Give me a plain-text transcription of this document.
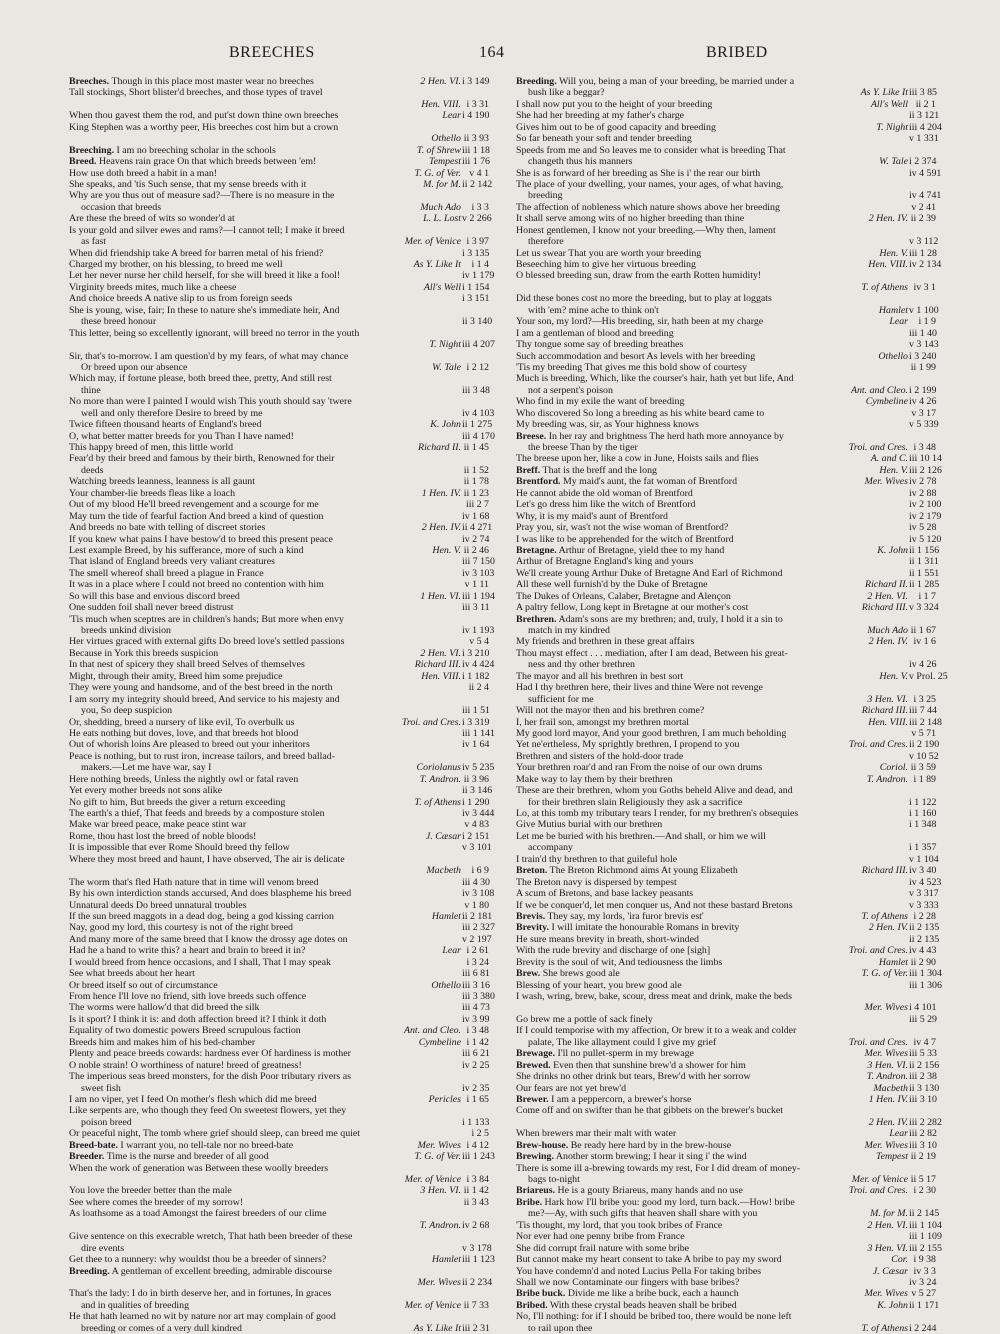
BREECHES	164	BRIBED
Breeches. Though in this place most master wear no breeches	2 Hen. VI. i 3 149
Tall stockings, Short blister'd breeches, and those types of travel
Hen. VIII. i 3 31
When thou gavest them the rod, and put'st down thine own breeches	Lear i 4 190
King Stephen was a worthy peer, His breeches cost him but a crown
Othello ii 3 93
Breeching. I am no breeching scholar in the schools	T. of Shrew iii 1 18
Breed. Heavens rain grace On that which breeds between 'em!	Tempest iii 1 76
How use doth breed a habit in a man!	T. G. of Ver. v 4 1
She speaks, and 'tis Such sense, that my sense breeds with it	M. for M. ii 2 142
Why are you thus out of measure sad?—There is no measure in the
occasion that breeds	Much Ado	i 3 3
Are these the breed of wits so wonder'd at	L. L. Lost v 2 266
Is your gold and silver ewes and rams?—I cannot tell; I make it breed
as fast	Mer. of Venice i 3 97
When did friendship take A breed for barren metal of his friend?	i 3 135
Charged my brother, on his blessing, to breed me well	As Y. Like It	i 1 4
Let her never nurse her child herself, for she will breed it like a fool!	iv 1 179
Virginity breeds mites, much like a cheese	All's Well i 1 154
And choice breeds A native slip to us from foreign seeds	i 3 151
She is young, wise, fair; In these to nature she's immediate heir, And
these breed honour	ii 3 140
This letter, being so excellently ignorant, will breed no terror in the youth
T. Night iii 4 207
Sir, that's to-morrow. I am question'd by my fears, of what may chance
Or breed upon our absence	W. Tale i 2 12
Which may, if fortune please, both breed thee, pretty, And still rest
thine	iii 3 48
No more than were I painted I would wish This youth should say 'twere
well and only therefore Desire to breed by me	iv 4 103
Twice fifteen thousand hearts of England's breed	K. John ii 1 275
O, what better matter breeds for you Than I have named!	iii 4 170
This happy breed of men, this little world	Richard II. ii 1 45
Fear'd by their breed and famous by their birth, Renowned for their
deeds	ii 1 52
Watching breeds leanness, leanness is all gaunt	ii 1 78
Your chamber-lie breeds fleas like a loach	1 Hen. IV. ii 1 23
Out of my blood He'll breed revengement and a scourge for me	iii 2 7
May turn the tide of fearful faction And breed a kind of question	iv 1 68
And breeds no bate with telling of discreet stories	2 Hen. IV. ii 4 271
If you knew what pains I have bestow'd to breed this present peace	iv 2 74
Lest example Breed, by his sufferance, more of such a kind	Hen. V. ii 2 46
That island of England breeds very valiant creatures	iii 7 150
The smell whereof shall breed a plague in France	iv 3 103
It was in a place where I could not breed no contention with him	v 1 11
So will this base and envious discord breed	1 Hen. VI. iii 1 194
One sudden foil shall never breed distrust	iii 3 11
'Tis much when sceptres are in children's hands; But more when envy
breeds unkind division	iv 1 193
Her virtues graced with external gifts Do breed love's settled passions	v 5 4
Because in York this breeds suspicion	2 Hen. VI. i 3 210
In that nest of spicery they shall breed Selves of themselves	Richard III. iv 4 424
Might, through their amity, Breed him some prejudice	Hen. VIII. i 1 182
They were young and handsome, and of the best breed in the north	ii 2 4
I am sorry my integrity should breed, And service to his majesty and
you, So deep suspicion	iii 1 51
Or, shedding, breed a nursery of like evil, To overbulk us	Troi. and Cres. i 3 319
He eats nothing but doves, love, and that breeds hot blood	iii 1 141
Out of whorish loins Are pleased to breed out your inheritors	iv 1 64
Peace is nothing, but to rust iron, increase tailors, and breed ballad-
makers.—Let me have war, say I	Coriolanus iv 5 235
Here nothing breeds, Unless the nightly owl or fatal raven	T. Andron. ii 3 96
Yet every mother breeds not sons alike	ii 3 146
No gift to him, But breeds the giver a return exceeding	T. of Athens i 1 290
The earth's a thief, That feeds and breeds by a composture stolen	iv 3 444
Make war breed peace, make peace stint war	v 4 83
Rome, thou hast lost the breed of noble bloods!	J. Cæsar i 2 151
It is impossible that ever Rome Should breed thy fellow	v 3 101
Where they most breed and haunt, I have observed, The air is delicate
Macbeth	i 6 9
The worm that's fled Hath nature that in time will venom breed	iii 4 30
By his own interdiction stands accursed, And does blaspheme his breed	iv 3 108
Unnatural deeds Do breed unnatural troubles	v 1 80
If the sun breed maggots in a dead dog, being a god kissing carrion	Hamlet ii 2 181
Nay, good my lord, this courtesy is not of the right breed	iii 2 327
And many more of the same breed that I know the drossy age dotes on	v 2 197
Had he a hand to write this? a heart and brain to breed it in?	Lear i 2 61
I would breed from hence occasions, and I shall, That I may speak	i 3 24
See what breeds about her heart	iii 6 81
Or breed itself so out of circumstance	Othello iii 3 16
From hence I'll love no friend, sith love breeds such offence	iii 3 380
The worms were hallow'd that did breed the silk	iii 4 73
Is it sport? I think it is: and doth affection breed it? I think it doth	iv 3 99
Equality of two domestic powers Breed scrupulous faction	Ant. and Cleo. i 3 48
Breeds him and makes him of his bed-chamber	Cymbeline i 1 42
Plenty and peace breeds cowards: hardness ever Of hardiness is mother	iii 6 21
O noble strain! O worthiness of nature! breed of greatness!	iv 2 25
The imperious seas breed monsters, for the dish Poor tributary rivers as
sweet fish	iv 2 35
I am no viper, yet I feed On mother's flesh which did me breed	Pericles i 1 65
Like serpents are, who though they feed On sweetest flowers, yet they
poison breed	i 1 133
Or peaceful night, The tomb where grief should sleep, can breed me quiet	i 2 5
Breed-bate. I warrant you, no tell-tale nor no breed-bate	Mer. Wives i 4 12
Breeder. Time is the nurse and breeder of all good	T. G. of Ver. iii 1 243
When the work of generation was Between these woolly breeders
Mer. of Venice i 3 84
You love the breeder better than the male	3 Hen. VI. ii 1 42
See where comes the breeder of my sorrow!	ii 3 43
As loathsome as a toad Amongst the fairest breeders of our clime
T. Andron. iv 2 68
Give sentence on this execrable wretch, That hath been breeder of these
dire events	v 3 178
Get thee to a nunnery: why wouldst thou be a breeder of sinners?	Hamlet iii 1 123
Breeding. A gentleman of excellent breeding, admirable discourse
Mer. Wives ii 2 234
That's the lady: I do in birth deserve her, and in fortunes, In graces
and in qualities of breeding	Mer. of Venice ii 7 33
He that hath learned no wit by nature nor art may complain of good
breeding or comes of a very dull kindred	As Y. Like It iii 2 31
Breeding. Will you, being a man of your breeding, be married under a
bush like a beggar?	As Y. Like It iii 3 85
I shall now put you to the height of your breeding	All's Well ii 2 1
She had her breeding at my father's charge	ii 3 121
Gives him out to be of good capacity and breeding	T. Night iii 4 204
So far beneath your soft and tender breeding	v 1 331
Speeds from me and So leaves me to consider what is breeding That
changeth thus his manners	W. Tale i 2 374
She is as forward of her breeding as She is i' the rear our birth	iv 4 591
The place of your dwelling, your names, your ages, of what having,
breeding	iv 4 741
The affection of nobleness which nature shows above her breeding	v 2 41
It shall serve among wits of no higher breeding than thine	2 Hen. IV. ii 2 39
Honest gentlemen, I know not your breeding.—Why then, lament
therefore	v 3 112
Let us swear That you are worth your breeding	Hen. V. iii 1 28
Beseeching him to give her virtuous breeding	Hen. VIII. iv 2 134
O blessed breeding sun, draw from the earth Rotten humidity!
T. of Athens iv 3 1
Did these bones cost no more the breeding, but to play at loggats
with 'em? mine ache to think on't	Hamlet v 1 100
Your son, my lord?—His breeding, sir, hath been at my charge	Lear	i 1 9
I am a gentleman of blood and breeding	iii 1 40
Thy tongue some say of breeding breathes	v 3 143
Such accommodation and besort As levels with her breeding	Othello i 3 240
'Tis my breeding That gives me this bold show of courtesy	ii 1 99
Much is breeding, Which, like the courser's hair, hath yet but life, And
not a serpent's poison	Ant. and Cleo. i 2 199
Who find in my exile the want of breeding	Cymbeline iv 4 26
Who discovered So long a breeding as his white beard came to	v 3 17
My breeding was, sir, as Your highness knows	v 5 339
Breese. In her ray and brightness The herd hath more annoyance by
the breese Than by the tiger	Troi. and Cres. i 3 48
The breese upon her, like a cow in June, Hoists sails and flies	A. and C. iii 10 14
Breff. That is the breff and the long	Hen. V. iii 2 126
Brentford. My maid's aunt, the fat woman of Brentford	Mer. Wives iv 2 78
He cannot abide the old woman of Brentford	iv 2 88
Let's go dress him like the witch of Brentford	iv 2 100
Why, it is my maid's aunt of Brentford	iv 2 179
Pray you, sir, was't not the wise woman of Brentford?	iv 5 28
I was like to be apprehended for the witch of Brentford	iv 5 120
Bretagne. Arthur of Bretagne, yield thee to my hand	K. John ii 1 156
Arthur of Bretagne England's king and yours	ii 1 311
We'll create young Arthur Duke of Bretagne And Earl of Richmond	ii 1 551
All these well furnish'd by the Duke of Bretagne	Richard II. ii 1 285
The Dukes of Orleans, Calaber, Bretagne and Alençon	2 Hen. VI.	i 1 7
A paltry fellow, Long kept in Bretagne at our mother's cost	Richard III. v 3 324
Brethren. Adam's sons are my brethren; and, truly, I hold it a sin to
match in my kindred	Much Ado ii 1 67
My friends and brethren in these great affairs	2 Hen. IV. iv 1 6
Thou mayst effect . . . mediation, after I am dead, Between his great-
ness and thy other brethren	iv 4 26
The mayor and all his brethren in best sort	Hen. V. v Prol. 25
Had I thy brethren here, their lives and thine Were not revenge
sufficient for me	3 Hen. VI. i 3 25
Will not the mayor then and his brethren come?	Richard III. iii 7 44
I, her frail son, amongst my brethren mortal	Hen. VIII. iii 2 148
My good lord mayor, And your good brethren, I am much beholding	v 5 71
Yet ne'ertheless, My sprightly brethren, I propend to you	Troi. and Cres. ii 2 190
Brethren and sisters of the hold-door trade	v 10 52
Your brethren roar'd and ran From the noise of our own drums	Coriol. ii 3 59
Make way to lay them by their brethren	T. Andron. i 1 89
These are their brethren, whom you Goths beheld Alive and dead, and
for their brethren slain Religiously they ask a sacrifice	i 1 122
Lo, at this tomb my tributary tears I render, for my brethren's obsequies	i 1 160
Give Mutius burial with our brethren	i 1 348
Let me be buried with his brethren.—And shall, or him we will
accompany	i 1 357
I train'd thy brethren to that guileful hole	v 1 104
Breton. The Breton Richmond aims At young Elizabeth	Richard III. iv 3 40
The Breton navy is dispersed by tempest	iv 4 523
A scum of Bretons, and base lackey peasants	v 3 317
If we be conquer'd, let men conquer us, And not these bastard Bretons	v 3 333
Brevis. They say, my lords, 'ira furor brevis est'	T. of Athens i 2 28
Brevity. I will imitate the honourable Romans in brevity	2 Hen. IV. ii 2 135
He sure means brevity in breath, short-winded	ii 2 135
With the rude brevity and discharge of one [sigh]	Troi. and Cres. iv 4 43
Brevity is the soul of wit, And tediousness the limbs	Hamlet ii 2 90
Brew. She brews good ale	T. G. of Ver. iii 1 304
Blessing of your heart, you brew good ale	iii 1 306
I wash, wring, brew, bake, scour, dress meat and drink, make the beds
Mer. Wives i 4 101
Go brew me a pottle of sack finely	iii 5 29
If I could temporise with my affection, Or brew it to a weak and colder
palate, The like allayment could I give my grief	Troi. and Cres. iv 4 7
Brewage. I'll no pullet-sperm in my brewage	Mer. Wives iii 5 33
Brewed. Even then that sunshine brew'd a shower for him	3 Hen. VI. ii 2 156
She drinks no other drink but tears, Brew'd with her sorrow	T. Andron. iii 2 38
Our fears are not yet brew'd	Macbeth ii 3 130
Brewer. I am a peppercorn, a brewer's horse	1 Hen. IV. iii 3 10
Come off and on swifter than he that gibbets on the brewer's bucket
2 Hen. IV. iii 2 282
When brewers mar their malt with water	Lear iii 2 82
Brew-house. Be ready here hard by in the brew-house	Mer. Wives iii 3 10
Brewing. Another storm brewing; I hear it sing i' the wind	Tempest ii 2 19
There is some ill a-brewing towards my rest, For I did dream of money-
bags to-night	Mer. of Venice ii 5 17
Briareus. He is a gouty Briareus, many hands and no use	Troi. and Cres. i 2 30
Bribe. Hark how I'll bribe you: good my lord, turn back.—How! bribe
me?—Ay, with such gifts that heaven shall share with you	M. for M. ii 2 145
'Tis thought, my lord, that you took bribes of France	2 Hen. VI. iii 1 104
Nor ever had one penny bribe from France	iii 1 109
She did corrupt frail nature with some bribe	3 Hen. VI. iii 2 155
But cannot make my heart consent to take A bribe to pay my sword	Cor. i 9 38
You have condemn'd and noted Lucius Pella For taking bribes	J. Cæsar iv 3 3
Shall we now Contaminate our fingers with base bribes?	iv 3 24
Bribe buck. Divide me like a bribe buck, each a haunch	Mer. Wives v 5 27
Bribed. With these crystal beads heaven shall be bribed	K. John ii 1 171
No, I'll nothing: for if I should be bribed too, there would be none left
to rail upon thee	T. of Athens i 2 244
